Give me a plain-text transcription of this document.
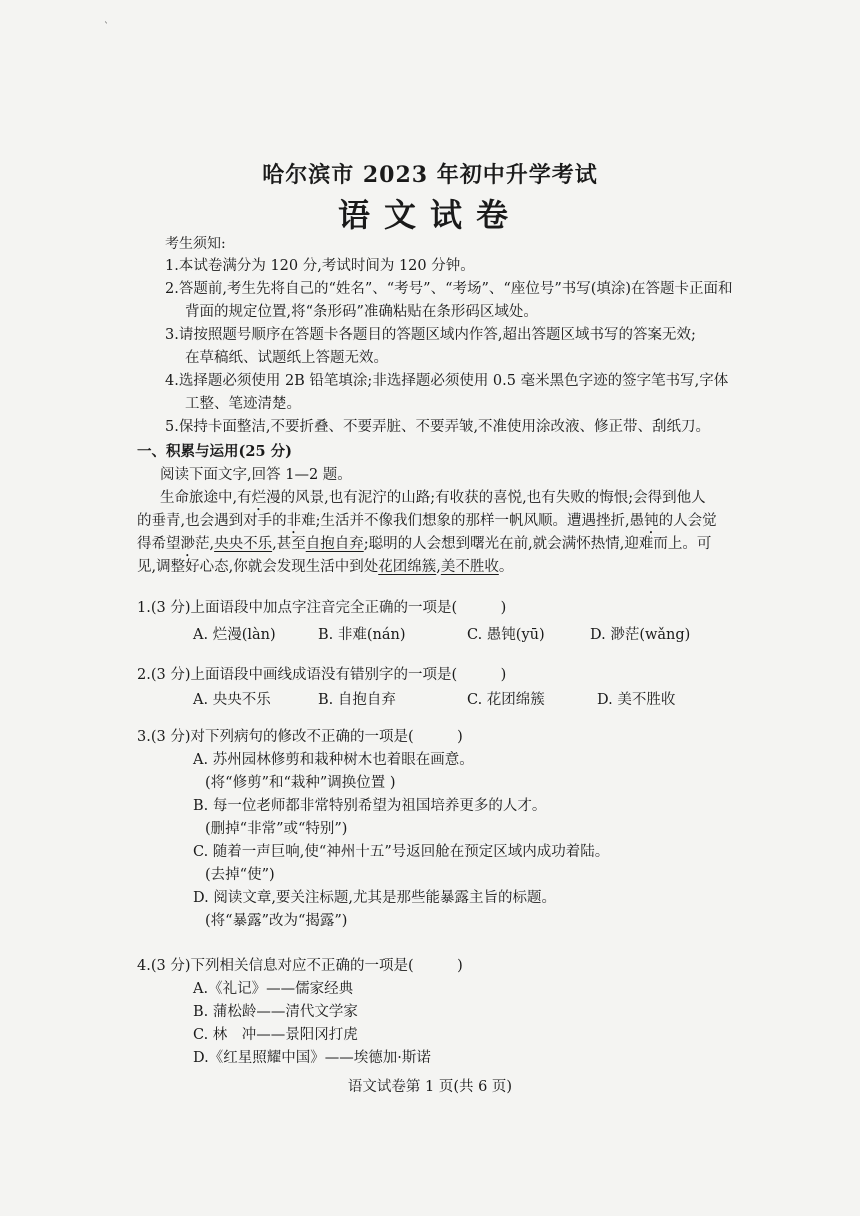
ˋ
哈尔滨市 2023 年初中升学考试
语文试卷
考生须知:
1.本试卷满分为 120 分,考试时间为 120 分钟。
2.答题前,考生先将自己的“姓名”、“考号”、“考场”、“座位号”书写(填涂)在答题卡正面和
背面的规定位置,将“条形码”准确粘贴在条形码区域处。
3.请按照题号顺序在答题卡各题目的答题区域内作答,超出答题区域书写的答案无效;
在草稿纸、试题纸上答题无效。
4.选择题必须使用 2B 铅笔填涂;非选择题必须使用 0.5 毫米黑色字迹的签字笔书写,字体
工整、笔迹清楚。
5.保持卡面整洁,不要折叠、不要弄脏、不要弄皱,不准使用涂改液、修正带、刮纸刀。
一、积累与运用(25 分)
阅读下面文字,回答 1—2 题。
生命旅途中,有烂漫的风景,也有泥泞的山路;有收获的喜悦,也有失败的悔恨;会得到他人
的垂青,也会遇到对手的非难;生活并不像我们想象的那样一帆风顺。遭遇挫折,愚钝的人会觉
得希望渺茫,央央不乐,甚至自抱自弃;聪明的人会想到曙光在前,就会满怀热情,迎难而上。可
见,调整好心态,你就会发现生活中到处花团绵簇,美不胜收。
1.(3 分)上面语段中加点字注音完全正确的一项是(　　　)
A. 烂漫(làn)	B. 非难(nán)	C. 愚钝(yū)	D. 渺茫(wǎng)
2.(3 分)上面语段中画线成语没有错别字的一项是(　　　)
A. 央央不乐	B. 自抱自弃	C. 花团绵簇	D. 美不胜收
3.(3 分)对下列病句的修改不正确的一项是(　　　)
A. 苏州园林修剪和栽种树木也着眼在画意。
(将“修剪”和“栽种”调换位置 )
B. 每一位老师都非常特别希望为祖国培养更多的人才。
(删掉“非常”或“特别”)
C. 随着一声巨响,使“神州十五”号返回舱在预定区域内成功着陆。
(去掉“使”)
D. 阅读文章,要关注标题,尤其是那些能暴露主旨的标题。
(将“暴露”改为“揭露”)
4.(3 分)下列相关信息对应不正确的一项是(　　　)
A.《礼记》——儒家经典
B. 蒲松龄——清代文学家
C. 林　冲——景阳冈打虎
D.《红星照耀中国》——埃德加·斯诺
语文试卷第 1 页(共 6 页)
